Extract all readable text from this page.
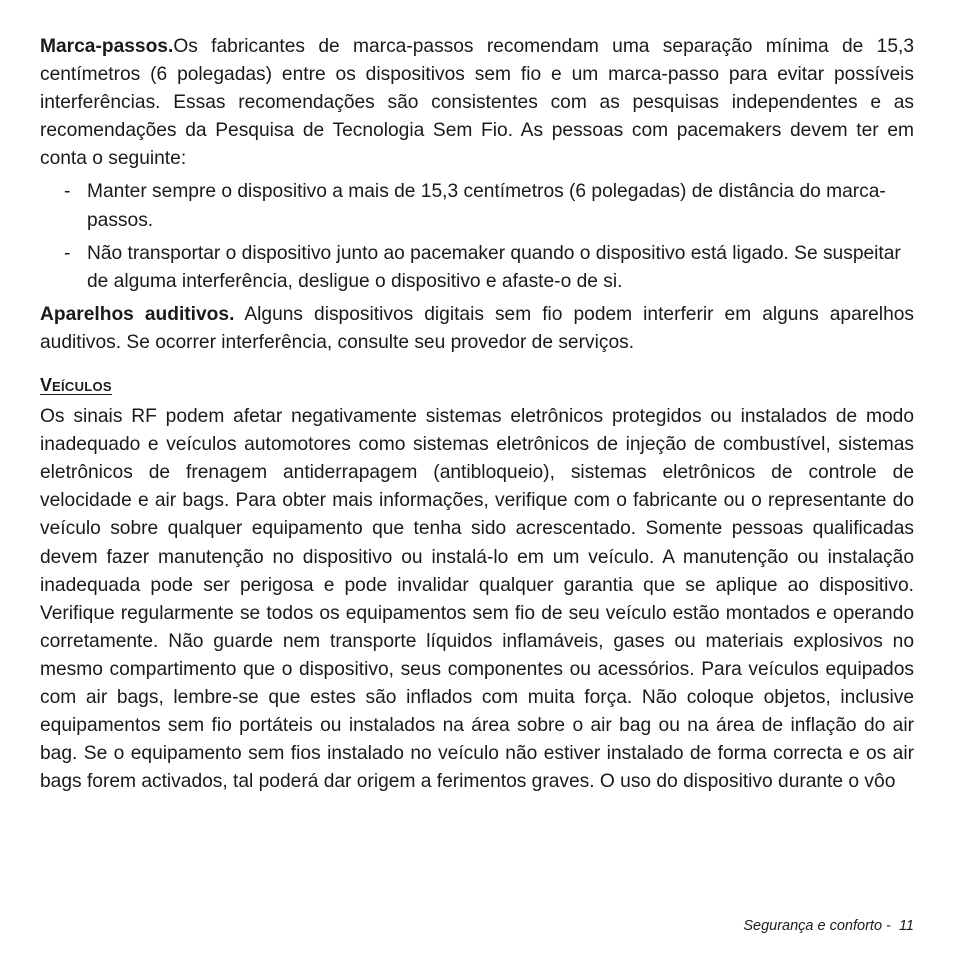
Marca-passos.Os fabricantes de marca-passos recomendam uma separação mínima de 15,3 centímetros (6 polegadas) entre os dispositivos sem fio e um marca-passo para evitar possíveis interferências. Essas recomendações são consistentes com as pesquisas independentes e as recomendações da Pesquisa de Tecnologia Sem Fio. As pessoas com pacemakers devem ter em conta o seguinte:

- Manter sempre o dispositivo a mais de 15,3 centímetros (6 polegadas) de distância do marca-passos.
- Não transportar o dispositivo junto ao pacemaker quando o dispositivo está ligado. Se suspeitar de alguma interferência, desligue o dispositivo e afaste-o de si.

Aparelhos auditivos. Alguns dispositivos digitais sem fio podem interferir em alguns aparelhos auditivos. Se ocorrer interferência, consulte seu provedor de serviços.

VEÍCULOS

Os sinais RF podem afetar negativamente sistemas eletrônicos protegidos ou instalados de modo inadequado e veículos automotores como sistemas eletrônicos de injeção de combustível, sistemas eletrônicos de frenagem antiderrapagem (antibloqueio), sistemas eletrônicos de controle de velocidade e air bags. Para obter mais informações, verifique com o fabricante ou o representante do veículo sobre qualquer equipamento que tenha sido acrescentado. Somente pessoas qualificadas devem fazer manutenção no dispositivo ou instalá-lo em um veículo. A manutenção ou instalação inadequada pode ser perigosa e pode invalidar qualquer garantia que se aplique ao dispositivo. Verifique regularmente se todos os equipamentos sem fio de seu veículo estão montados e operando corretamente. Não guarde nem transporte líquidos inflamáveis, gases ou materiais explosivos no mesmo compartimento que o dispositivo, seus componentes ou acessórios. Para veículos equipados com air bags, lembre-se que estes são inflados com muita força. Não coloque objetos, inclusive equipamentos sem fio portáteis ou instalados na área sobre o air bag ou na área de inflação do air bag. Se o equipamento sem fios instalado no veículo não estiver instalado de forma correcta e os air bags forem activados, tal poderá dar origem a ferimentos graves. O uso do dispositivo durante o vôo

Segurança e conforto - 11
